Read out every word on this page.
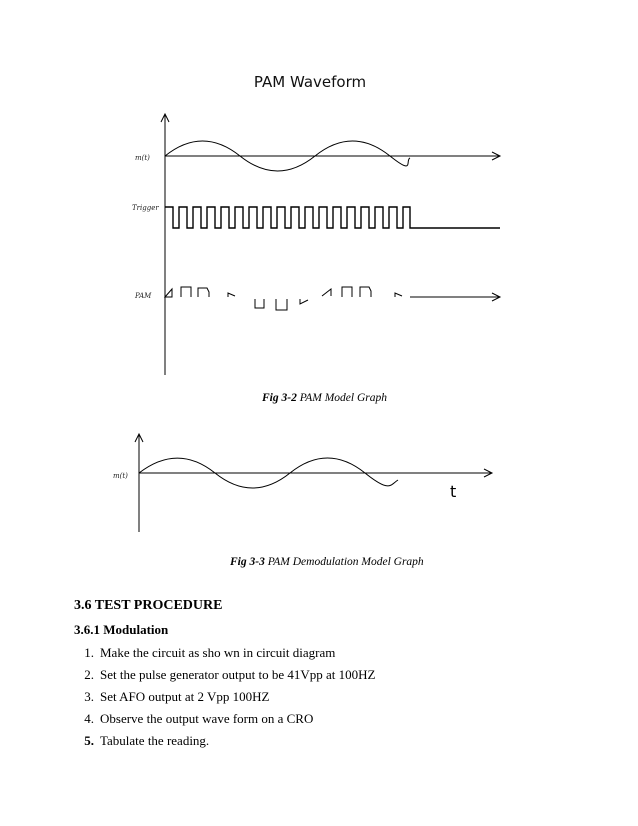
PAM Waveform
m(t)
Trigger
PAM
Fig 3-2 PAM Model Graph
m(t)
t
Fig 3-3 PAM Demodulation Model Graph
3.6 TEST PROCEDURE
3.6.1 Modulation
1. Make the circuit as sho wn in circuit diagram
2. Set the pulse generator output to be 41Vpp at 100HZ
3. Set AFO output at 2 Vpp 100HZ
4. Observe the output wave form on a CRO
5. Tabulate the reading.
